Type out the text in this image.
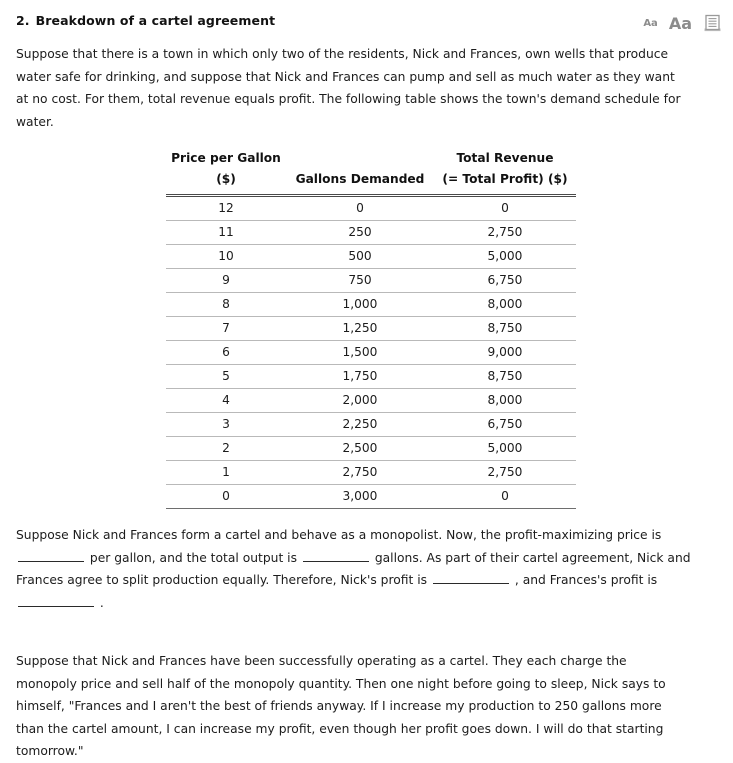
2. Breakdown of a cartel agreement	Aa Aa

Suppose that there is a town in which only two of the residents, Nick and Frances, own wells that produce water safe for drinking, and suppose that Nick and Frances can pump and sell as much water as they want at no cost. For them, total revenue equals profit. The following table shows the town's demand schedule for water.

Price per Gallon		Total Revenue
($)	Gallons Demanded	(= Total Profit) ($)
12	0	0
11	250	2,750
10	500	5,000
9	750	6,750
8	1,000	8,000
7	1,250	8,750
6	1,500	9,000
5	1,750	8,750
4	2,000	8,000
3	2,250	6,750
2	2,500	5,000
1	2,750	2,750
0	3,000	0

Suppose Nick and Frances form a cartel and behave as a monopolist. Now, the profit-maximizing price is  per gallon, and the total output is	gallons. As part of their cartel agreement, Nick and Frances agree to split production equally. Therefore, Nick's profit is	, and Frances's profit is  .

Suppose that Nick and Frances have been successfully operating as a cartel. They each charge the monopoly price and sell half of the monopoly quantity. Then one night before going to sleep, Nick says to himself, "Frances and I aren't the best of friends anyway. If I increase my production to 250 gallons more than the cartel amount, I can increase my profit, even though her profit goes down. I will do that starting tomorrow."
